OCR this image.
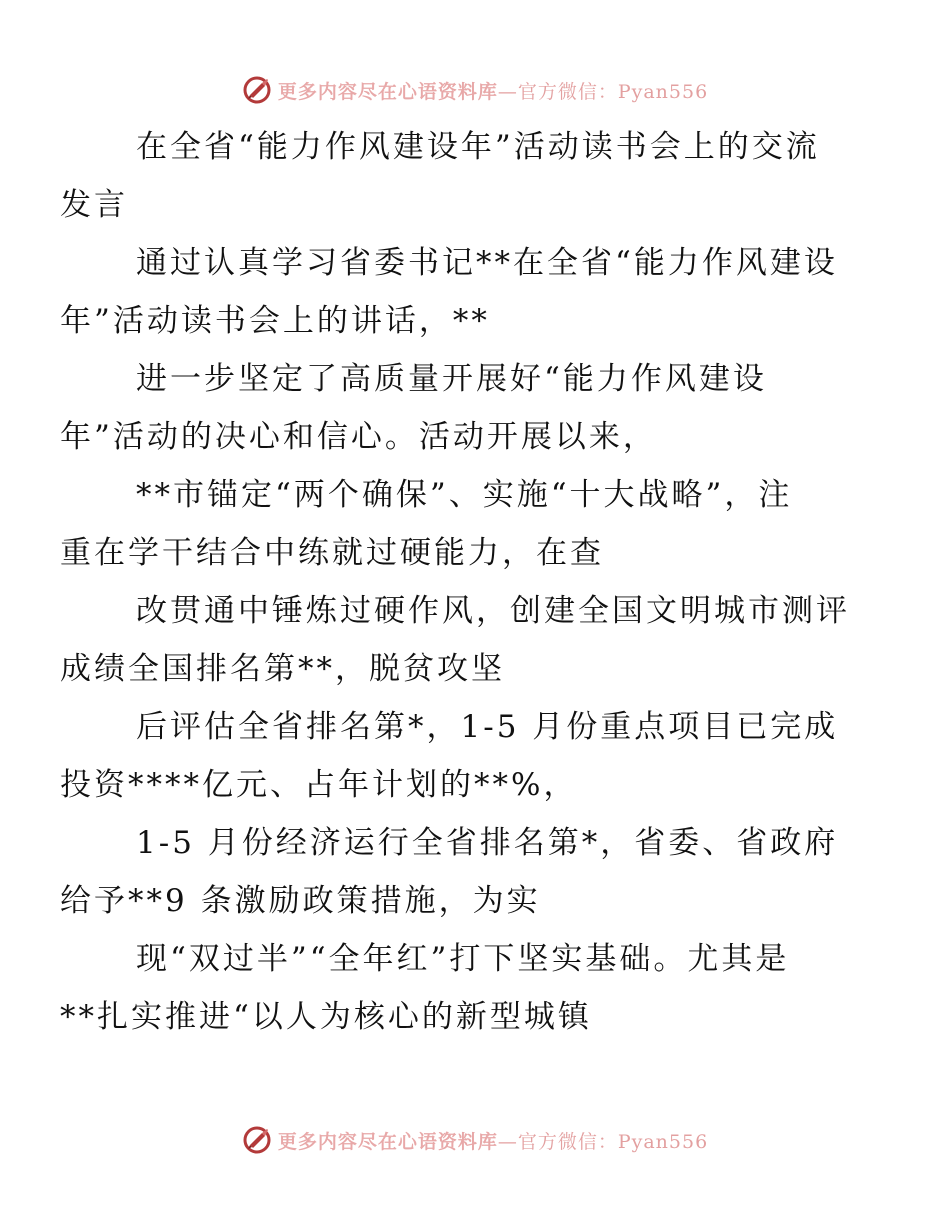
更多内容尽在心语资料库—官方微信：Pyan556

在全省“能力作风建设年”活动读书会上的交流
发言

通过认真学习省委书记**在全省“能力作风建设
年”活动读书会上的讲话，**

进一步坚定了高质量开展好“能力作风建设
年”活动的决心和信心。活动开展以来，

**市锚定“两个确保”、实施“十大战略”，注
重在学干结合中练就过硬能力，在查

改贯通中锤炼过硬作风，创建全国文明城市测评
成绩全国排名第**，脱贫攻坚

后评估全省排名第*，1-5 月份重点项目已完成
投资****亿元、占年计划的**%，

1-5 月份经济运行全省排名第*，省委、省政府
给予**9 条激励政策措施，为实

现“双过半”“全年红”打下坚实基础。尤其是
**扎实推进“以人为核心的新型城镇

更多内容尽在心语资料库—官方微信：Pyan556
